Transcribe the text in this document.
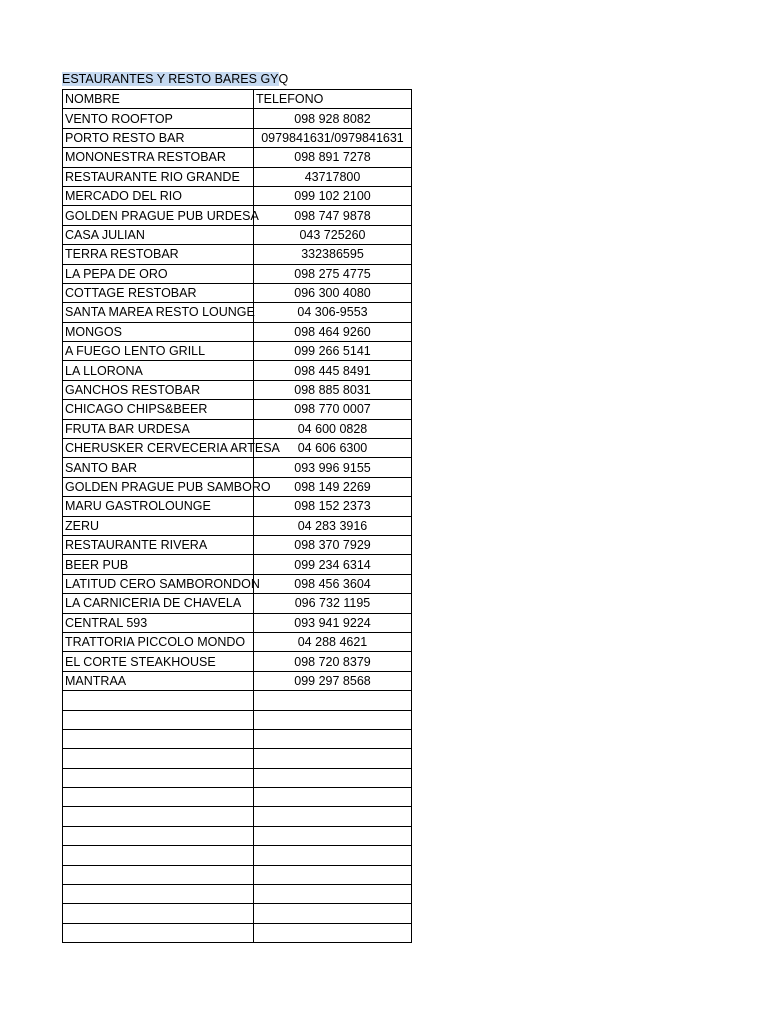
ESTAURANTES Y RESTO BARES GYQ
NOMBRE	TELEFONO
VENTO ROOFTOP	098 928 8082
PORTO RESTO BAR	0979841631/0979841631
MONONESTRA RESTOBAR	098 891 7278
RESTAURANTE RIO GRANDE	43717800
MERCADO DEL RIO	099 102 2100
GOLDEN PRAGUE PUB URDESA	098 747 9878
CASA JULIAN	043 725260
TERRA RESTOBAR	332386595
LA PEPA DE ORO	098 275 4775
COTTAGE RESTOBAR	096 300 4080
SANTA MAREA RESTO LOUNGE	04 306-9553
MONGOS	098 464 9260
A FUEGO LENTO GRILL	099 266 5141
LA LLORONA	098 445 8491
GANCHOS RESTOBAR	098 885 8031
CHICAGO CHIPS&BEER	098 770 0007
FRUTA BAR URDESA	04 600 0828
CHERUSKER CERVECERIA ARTESA	04 606 6300
SANTO BAR	093 996 9155
GOLDEN PRAGUE PUB SAMBORO	098 149 2269
MARU GASTROLOUNGE	098 152 2373
ZERU	04 283 3916
RESTAURANTE RIVERA	098 370 7929
BEER PUB	099 234 6314
LATITUD CERO SAMBORONDON	098 456 3604
LA CARNICERIA DE CHAVELA	096 732 1195
CENTRAL 593	093 941 9224
TRATTORIA PICCOLO MONDO	04 288 4621
EL CORTE STEAKHOUSE	098 720 8379
MANTRAA	099 297 8568
